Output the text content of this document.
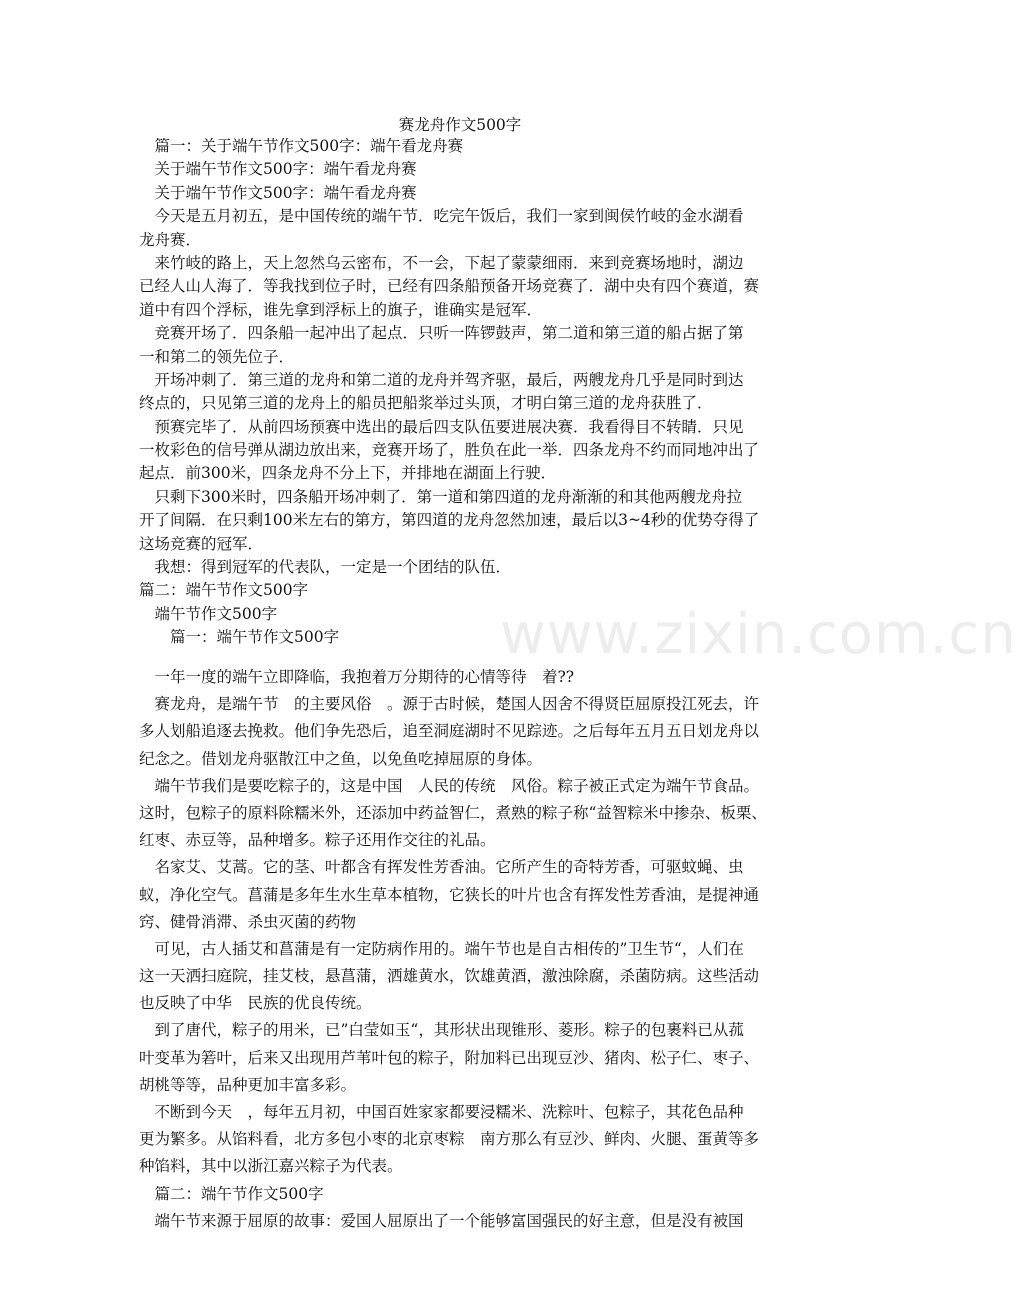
赛龙舟作文500字
　篇一：关于端午节作文500字：端午看龙舟赛
　关于端午节作文500字：端午看龙舟赛
　关于端午节作文500字：端午看龙舟赛
　今天是五月初五，是中国传统的端午节．吃完午饭后，我们一家到闽侯竹岐的金水湖看
龙舟赛．
　来竹岐的路上，天上忽然乌云密布，不一会，下起了蒙蒙细雨．来到竞赛场地时，湖边
已经人山人海了．等我找到位子时，已经有四条船预备开场竞赛了．湖中央有四个赛道，赛
道中有四个浮标，谁先拿到浮标上的旗子，谁确实是冠军．
　竞赛开场了．四条船一起冲出了起点．只听一阵锣鼓声，第二道和第三道的船占据了第
一和第二的领先位子．
　开场冲刺了．第三道的龙舟和第二道的龙舟并驾齐驱，最后，两艘龙舟几乎是同时到达
终点的，只见第三道的龙舟上的船员把船浆举过头顶，才明白第三道的龙舟获胜了．
　预赛完毕了．从前四场预赛中选出的最后四支队伍要进展决赛．我看得目不转睛．只见
一枚彩色的信号弹从湖边放出来，竞赛开场了，胜负在此一举．四条龙舟不约而同地冲出了
起点．前300米，四条龙舟不分上下，并排地在湖面上行驶．
　只剩下300米时，四条船开场冲刺了．第一道和第四道的龙舟渐渐的和其他两艘龙舟拉
开了间隔．在只剩100米左右的第方，第四道的龙舟忽然加速，最后以3~4秒的优势夺得了
这场竞赛的冠军．
　我想：得到冠军的代表队，一定是一个团结的队伍．
篇二：端午节作文500字
　端午节作文500字
　　篇一：端午节作文500字
　一年一度的端午立即降临，我抱着万分期待的心情等待　着??
　赛龙舟，是端午节　的主要风俗　。源于古时候，楚国人因舍不得贤臣屈原投江死去，许
多人划船追逐去挽救。他们争先恐后，追至洞庭湖时不见踪迹。之后每年五月五日划龙舟以
纪念之。借划龙舟驱散江中之鱼，以免鱼吃掉屈原的身体。
　端午节我们是要吃粽子的，这是中国　人民的传统　风俗。粽子被正式定为端午节食品。
这时，包粽子的原料除糯米外，还添加中药益智仁，煮熟的粽子称“益智粽米中掺杂、板栗、
红枣、赤豆等，品种增多。粽子还用作交往的礼品。
　名家艾、艾蒿。它的茎、叶都含有挥发性芳香油。它所产生的奇特芳香，可驱蚊蝇、虫
蚁，净化空气。菖蒲是多年生水生草本植物，它狭长的叶片也含有挥发性芳香油，是提神通
窍、健骨消滞、杀虫灭菌的药物
　可见，古人插艾和菖蒲是有一定防病作用的。端午节也是自古相传的”卫生节“，人们在
这一天洒扫庭院，挂艾枝，悬菖蒲，洒雄黄水，饮雄黄酒，激浊除腐，杀菌防病。这些活动
也反映了中华　民族的优良传统。
　到了唐代，粽子的用米，已”白莹如玉“，其形状出现锥形、菱形。粽子的包裹料已从菰
叶变革为箬叶，后来又出现用芦苇叶包的粽子，附加料已出现豆沙、猪肉、松子仁、枣子、
胡桃等等，品种更加丰富多彩。
　不断到今天　，每年五月初，中国百姓家家都要浸糯米、洗粽叶、包粽子，其花色品种
更为繁多。从馅料看，北方多包小枣的北京枣粽　南方那么有豆沙、鲜肉、火腿、蛋黄等多
种馅料，其中以浙江嘉兴粽子为代表。
　篇二：端午节作文500字
　端午节来源于屈原的故事：爱国人屈原出了一个能够富国强民的好主意，但是没有被国
www.zixin.com.cn
